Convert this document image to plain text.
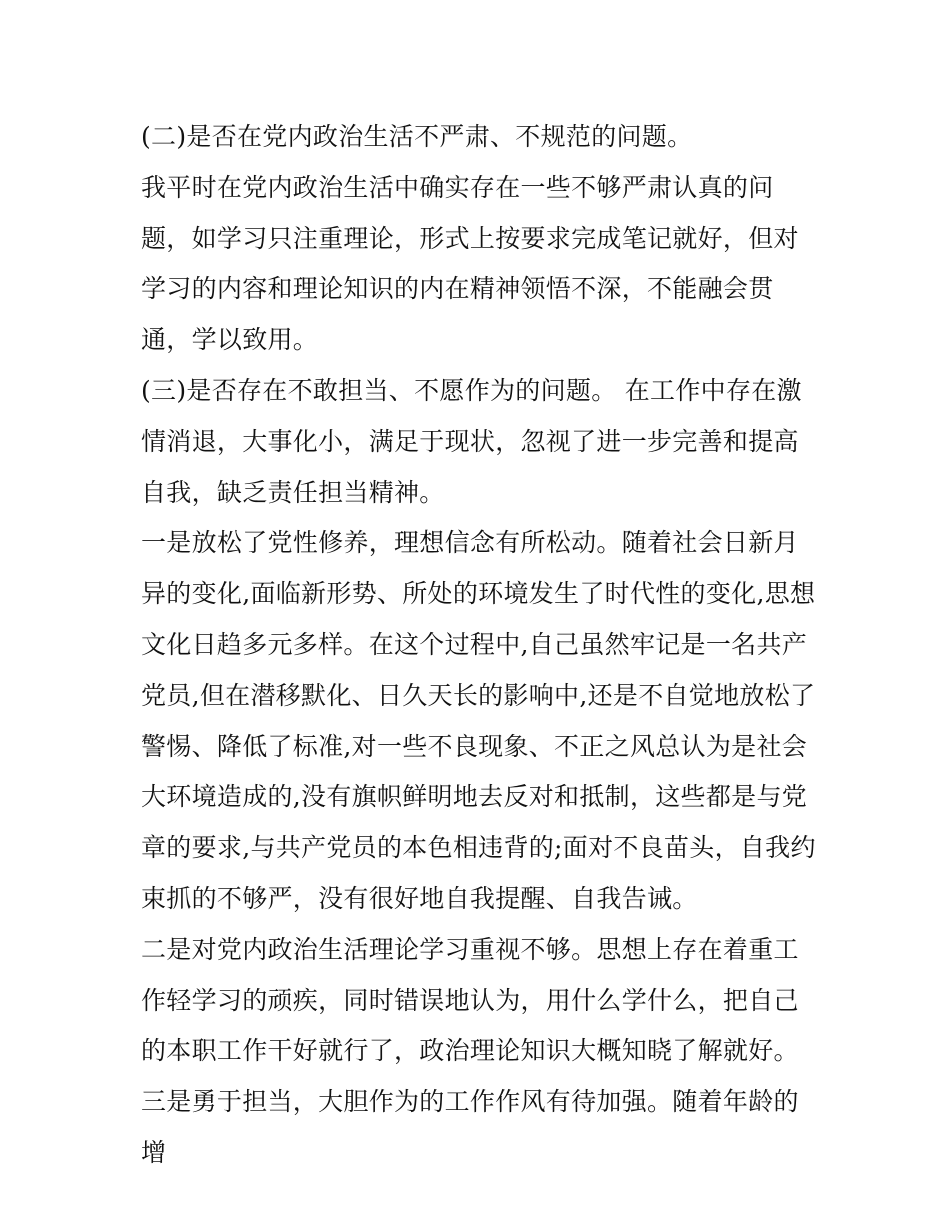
(二)是否在党内政治生活不严肃、不规范的问题。

我平时在党内政治生活中确实存在一些不够严肃认真的问题，如学习只注重理论，形式上按要求完成笔记就好，但对学习的内容和理论知识的内在精神领悟不深，不能融会贯通，学以致用。

(三)是否存在不敢担当、不愿作为的问题。 在工作中存在激情消退，大事化小，满足于现状，忽视了进一步完善和提高自我，缺乏责任担当精神。

一是放松了党性修养，理想信念有所松动。随着社会日新月异的变化,面临新形势、所处的环境发生了时代性的变化,思想文化日趋多元多样。在这个过程中,自己虽然牢记是一名共产党员,但在潜移默化、日久天长的影响中,还是不自觉地放松了警惕、降低了标准,对一些不良现象、不正之风总认为是社会大环境造成的,没有旗帜鲜明地去反对和抵制，这些都是与党章的要求,与共产党员的本色相违背的;面对不良苗头，自我约束抓的不够严，没有很好地自我提醒、自我告诫。

二是对党内政治生活理论学习重视不够。思想上存在着重工作轻学习的顽疾，同时错误地认为，用什么学什么，把自己的本职工作干好就行了，政治理论知识大概知晓了解就好。

三是勇于担当，大胆作为的工作作风有待加强。随着年龄的增
